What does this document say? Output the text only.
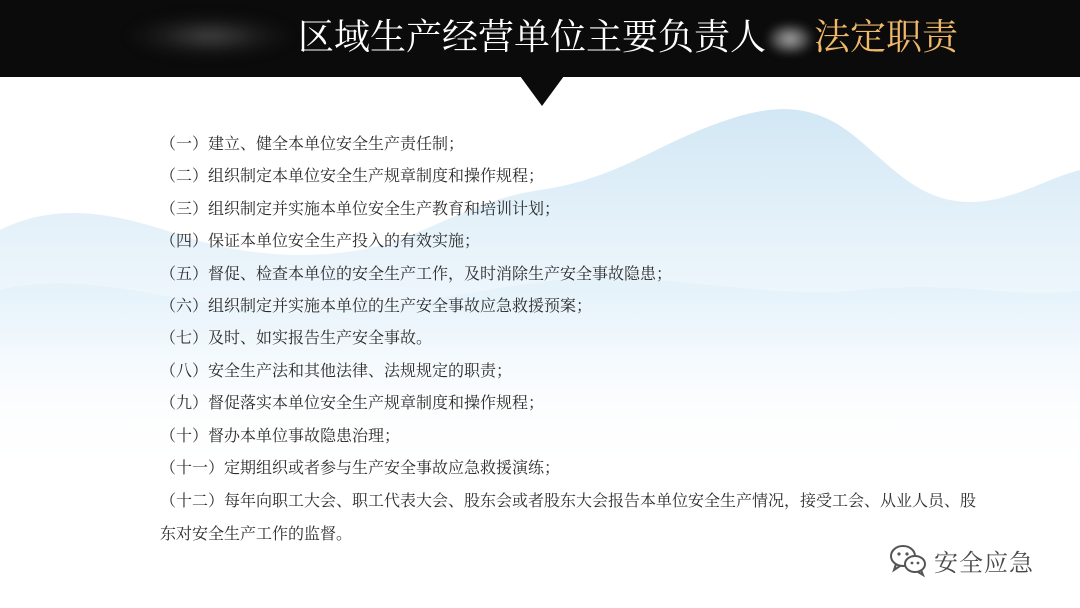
区域生产经营单位主要负责人 法定职责
（一）建立、健全本单位安全生产责任制；
（二）组织制定本单位安全生产规章制度和操作规程；
（三）组织制定并实施本单位安全生产教育和培训计划；
（四）保证本单位安全生产投入的有效实施；
（五）督促、检查本单位的安全生产工作，及时消除生产安全事故隐患；
（六）组织制定并实施本单位的生产安全事故应急救援预案；
（七）及时、如实报告生产安全事故。
（八）安全生产法和其他法律、法规规定的职责；
（九）督促落实本单位安全生产规章制度和操作规程；
（十）督办本单位事故隐患治理；
（十一）定期组织或者参与生产安全事故应急救援演练；
（十二）每年向职工大会、职工代表大会、股东会或者股东大会报告本单位安全生产情况，接受工会、从业人员、股东对安全生产工作的监督。
安全应急
